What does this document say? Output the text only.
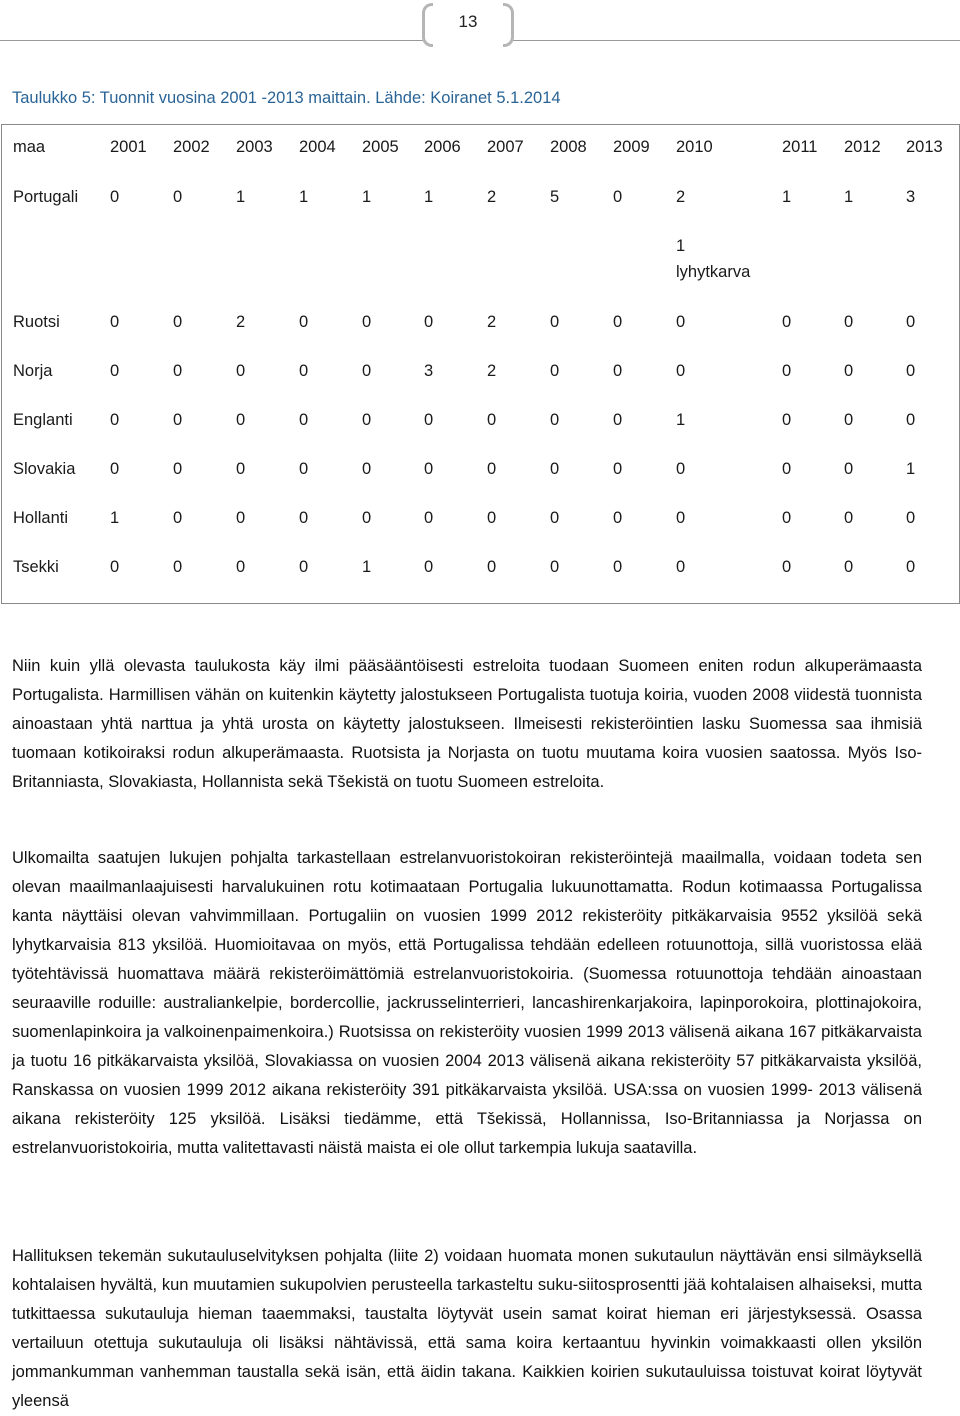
13
Taulukko 5: Tuonnit vuosina 2001 -2013 maittain. Lähde: Koiranet 5.1.2014
maa	2001 2002 2003 2004 2005 2006 2007 2008 2009 2010	2011 2012 2013
Portugali 0	0	1	1	1	1	2	5	0	2	1	1	3
1
lyhytkarva
Ruotsi	0	0	2	0	0	0	2	0	0	0	0	0	0
Norja	0	0	0	0	0	3	2	0	0	0	0	0	0
Englanti 0	0	0	0	0	0	0	0	0	1	0	0	0
Slovakia 0	0	0	0	0	0	0	0	0	0	0	0	1
Hollanti	1	0	0	0	0	0	0	0	0	0	0	0	0
Tsekki	0	0	0	0	1	0	0	0	0	0	0	0	0

Niin kuin yllä olevasta taulukosta käy ilmi pääsääntöisesti estreloita tuodaan Suomeen eniten rodun alkuperämaasta Portugalista. Harmillisen vähän on kuitenkin käytetty jalostukseen Portugalista tuotuja koiria, vuoden 2008 viidestä tuonnista ainoastaan yhtä narttua ja yhtä urosta on käytetty jalostukseen. Ilmeisesti rekisteröintien lasku Suomessa saa ihmisiä tuomaan kotikoiraksi rodun alkuperämaasta. Ruotsista ja Norjasta on tuotu muutama koira vuosien saatossa. Myös Iso-Britanniasta, Slovakiasta, Hollannista sekä Tšekistä on tuotu Suomeen estreloita.

Ulkomailta saatujen lukujen pohjalta tarkastellaan estrelanvuoristokoiran rekisteröintejä maailmalla, voidaan todeta sen olevan maailmanlaajuisesti harvalukuinen rotu kotimaataan Portugalia lukuunottamatta. Rodun kotimaassa Portugalissa kanta näyttäisi olevan vahvimmillaan. Portugaliin on vuosien 1999 2012 rekisteröity pitkäkarvaisia 9552 yksilöä sekä lyhytkarvaisia 813 yksilöä. Huomioitavaa on myös, että Portugalissa tehdään edelleen rotuunottoja, sillä vuoristossa elää työtehtävissä huomattava määrä rekisteröimättömiä estrelanvuoristokoiria. (Suomessa rotuunottoja tehdään ainoastaan seuraaville roduille: australiankelpie, bordercollie, jackrusselinterrieri, lancashirenkarjakoira, lapinporokoira, plottinajokoira, suomenlapinkoira ja valkoinenpaimenkoira.) Ruotsissa on rekisteröity vuosien 1999 2013 välisenä aikana 167 pitkäkarvaista ja tuotu 16 pitkäkarvaista yksilöä, Slovakiassa on vuosien 2004 2013 välisenä aikana rekisteröity 57 pitkäkarvaista yksilöä, Ranskassa on vuosien 1999 2012 aikana rekisteröity 391 pitkäkarvaista yksilöä. USA:ssa on vuosien 1999- 2013 välisenä aikana rekisteröity 125 yksilöä. Lisäksi tiedämme, että Tšekissä, Hollannissa, Iso-Britanniassa ja Norjassa on estrelanvuoristokoiria, mutta valitettavasti näistä maista ei ole ollut tarkempia lukuja saatavilla.

Hallituksen tekemän sukutauluselvityksen pohjalta (liite 2) voidaan huomata monen sukutaulun näyttävän ensi silmäyksellä kohtalaisen hyvältä, kun muutamien sukupolvien perusteella tarkasteltu suku-siitosprosentti jää kohtalaisen alhaiseksi, mutta tutkittaessa sukutauluja hieman taaemmaksi, taustalta löytyvät usein samat koirat hieman eri järjestyksessä. Osassa vertailuun otettuja sukutauluja oli lisäksi nähtävissä, että sama koira kertaantuu hyvinkin voimakkaasti ollen yksilön jommankumman vanhemman taustalla sekä isän, että äidin takana. Kaikkien koirien sukutauluissa toistuvat koirat löytyvät yleensä
